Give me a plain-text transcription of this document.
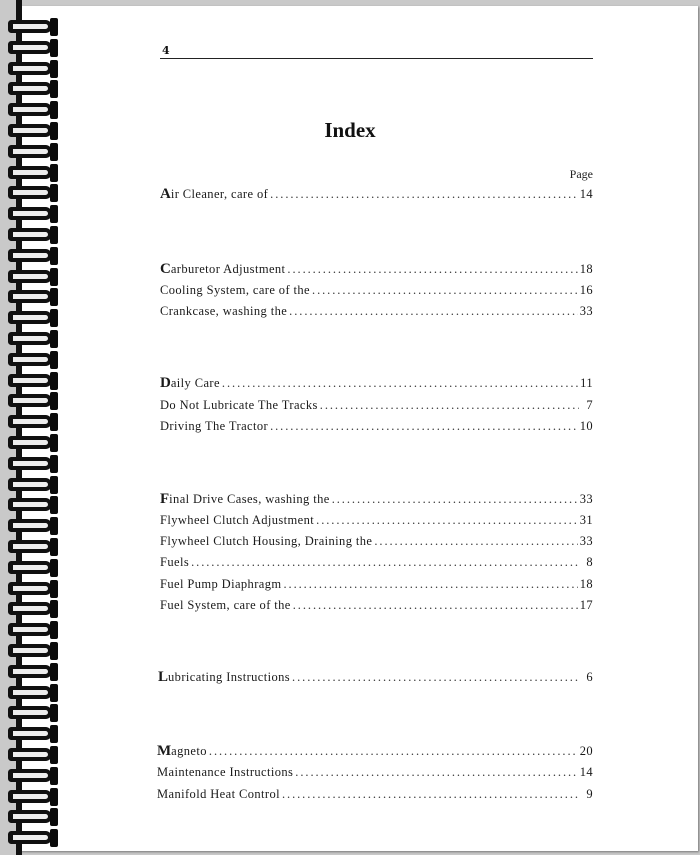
4
Index
Page
Air Cleaner, care of . . .	14
Carburetor Adjustment . . .	18
Cooling System, care of the . . .	16
Crankcase, washing the . . .	33
Daily Care . . .	11
Do Not Lubricate The Tracks . . .	7
Driving The Tractor . . .	10
Final Drive Cases, washing the . . .	33
Flywheel Clutch Adjustment . . .	31
Flywheel Clutch Housing, Draining the . . .	33
Fuels . . .	8
Fuel Pump Diaphragm . . .	18
Fuel System, care of the . . .	17
Lubricating Instructions . . .	6
Magneto . . .	20
Maintenance Instructions . . .	14
Manifold Heat Control . . .	9
